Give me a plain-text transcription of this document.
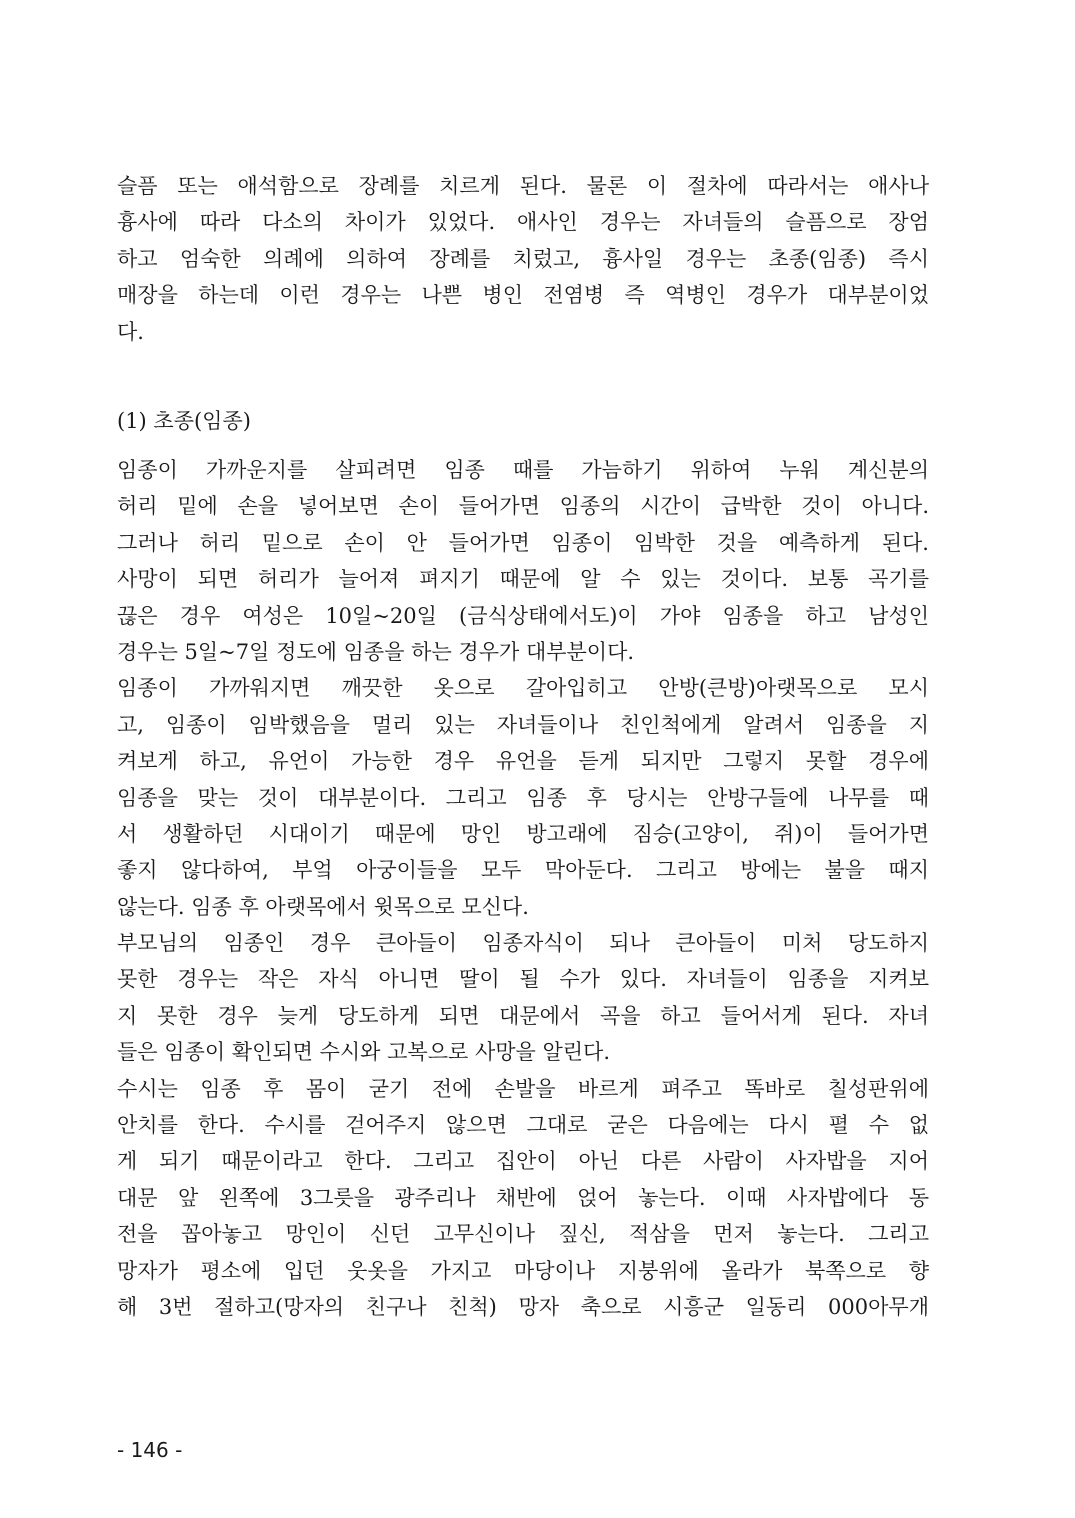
슬픔 또는 애석함으로 장례를 치르게 된다. 물론 이 절차에 따라서는 애사나
흉사에 따라 다소의 차이가 있었다. 애사인 경우는 자녀들의 슬픔으로 장엄
하고 엄숙한 의례에 의하여 장례를 치렀고, 흉사일 경우는 초종(임종) 즉시
매장을 하는데 이런 경우는 나쁜 병인 전염병 즉 역병인 경우가 대부분이었
다.
(1) 초종(임종)
임종이 가까운지를 살피려면 임종 때를 가늠하기 위하여 누워 계신분의
허리 밑에 손을 넣어보면 손이 들어가면 임종의 시간이 급박한 것이 아니다.
그러나 허리 밑으로 손이 안 들어가면 임종이 임박한 것을 예측하게 된다.
사망이 되면 허리가 늘어져 펴지기 때문에 알 수 있는 것이다. 보통 곡기를
끊은 경우 여성은 10일~20일 (금식상태에서도)이 가야 임종을 하고 남성인
경우는 5일~7일 정도에 임종을 하는 경우가 대부분이다.
임종이 가까워지면 깨끗한 옷으로 갈아입히고 안방(큰방)아랫목으로 모시
고, 임종이 임박했음을 멀리 있는 자녀들이나 친인척에게 알려서 임종을 지
켜보게 하고, 유언이 가능한 경우 유언을 듣게 되지만 그렇지 못할 경우에
임종을 맞는 것이 대부분이다. 그리고 임종 후 당시는 안방구들에 나무를 때
서 생활하던 시대이기 때문에 망인 방고래에 짐승(고양이, 쥐)이 들어가면
좋지 않다하여, 부엌 아궁이들을 모두 막아둔다. 그리고 방에는 불을 때지
않는다. 임종 후 아랫목에서 윗목으로 모신다.
부모님의 임종인 경우 큰아들이 임종자식이 되나 큰아들이 미처 당도하지
못한 경우는 작은 자식 아니면 딸이 될 수가 있다. 자녀들이 임종을 지켜보
지 못한 경우 늦게 당도하게 되면 대문에서 곡을 하고 들어서게 된다. 자녀
들은 임종이 확인되면 수시와 고복으로 사망을 알린다.
수시는 임종 후 몸이 굳기 전에 손발을 바르게 펴주고 똑바로 칠성판위에
안치를 한다. 수시를 걷어주지 않으면 그대로 굳은 다음에는 다시 펼 수 없
게 되기 때문이라고 한다. 그리고 집안이 아닌 다른 사람이 사자밥을 지어
대문 앞 왼쪽에 3그릇을 광주리나 채반에 얹어 놓는다. 이때 사자밥에다 동
전을 꼽아놓고 망인이 신던 고무신이나 짚신, 적삼을 먼저 놓는다. 그리고
망자가 평소에 입던 웃옷을 가지고 마당이나 지붕위에 올라가 북쪽으로 향
해 3번 절하고(망자의 친구나 친척) 망자 축으로 시흥군 일동리 000아무개
- 146 -
